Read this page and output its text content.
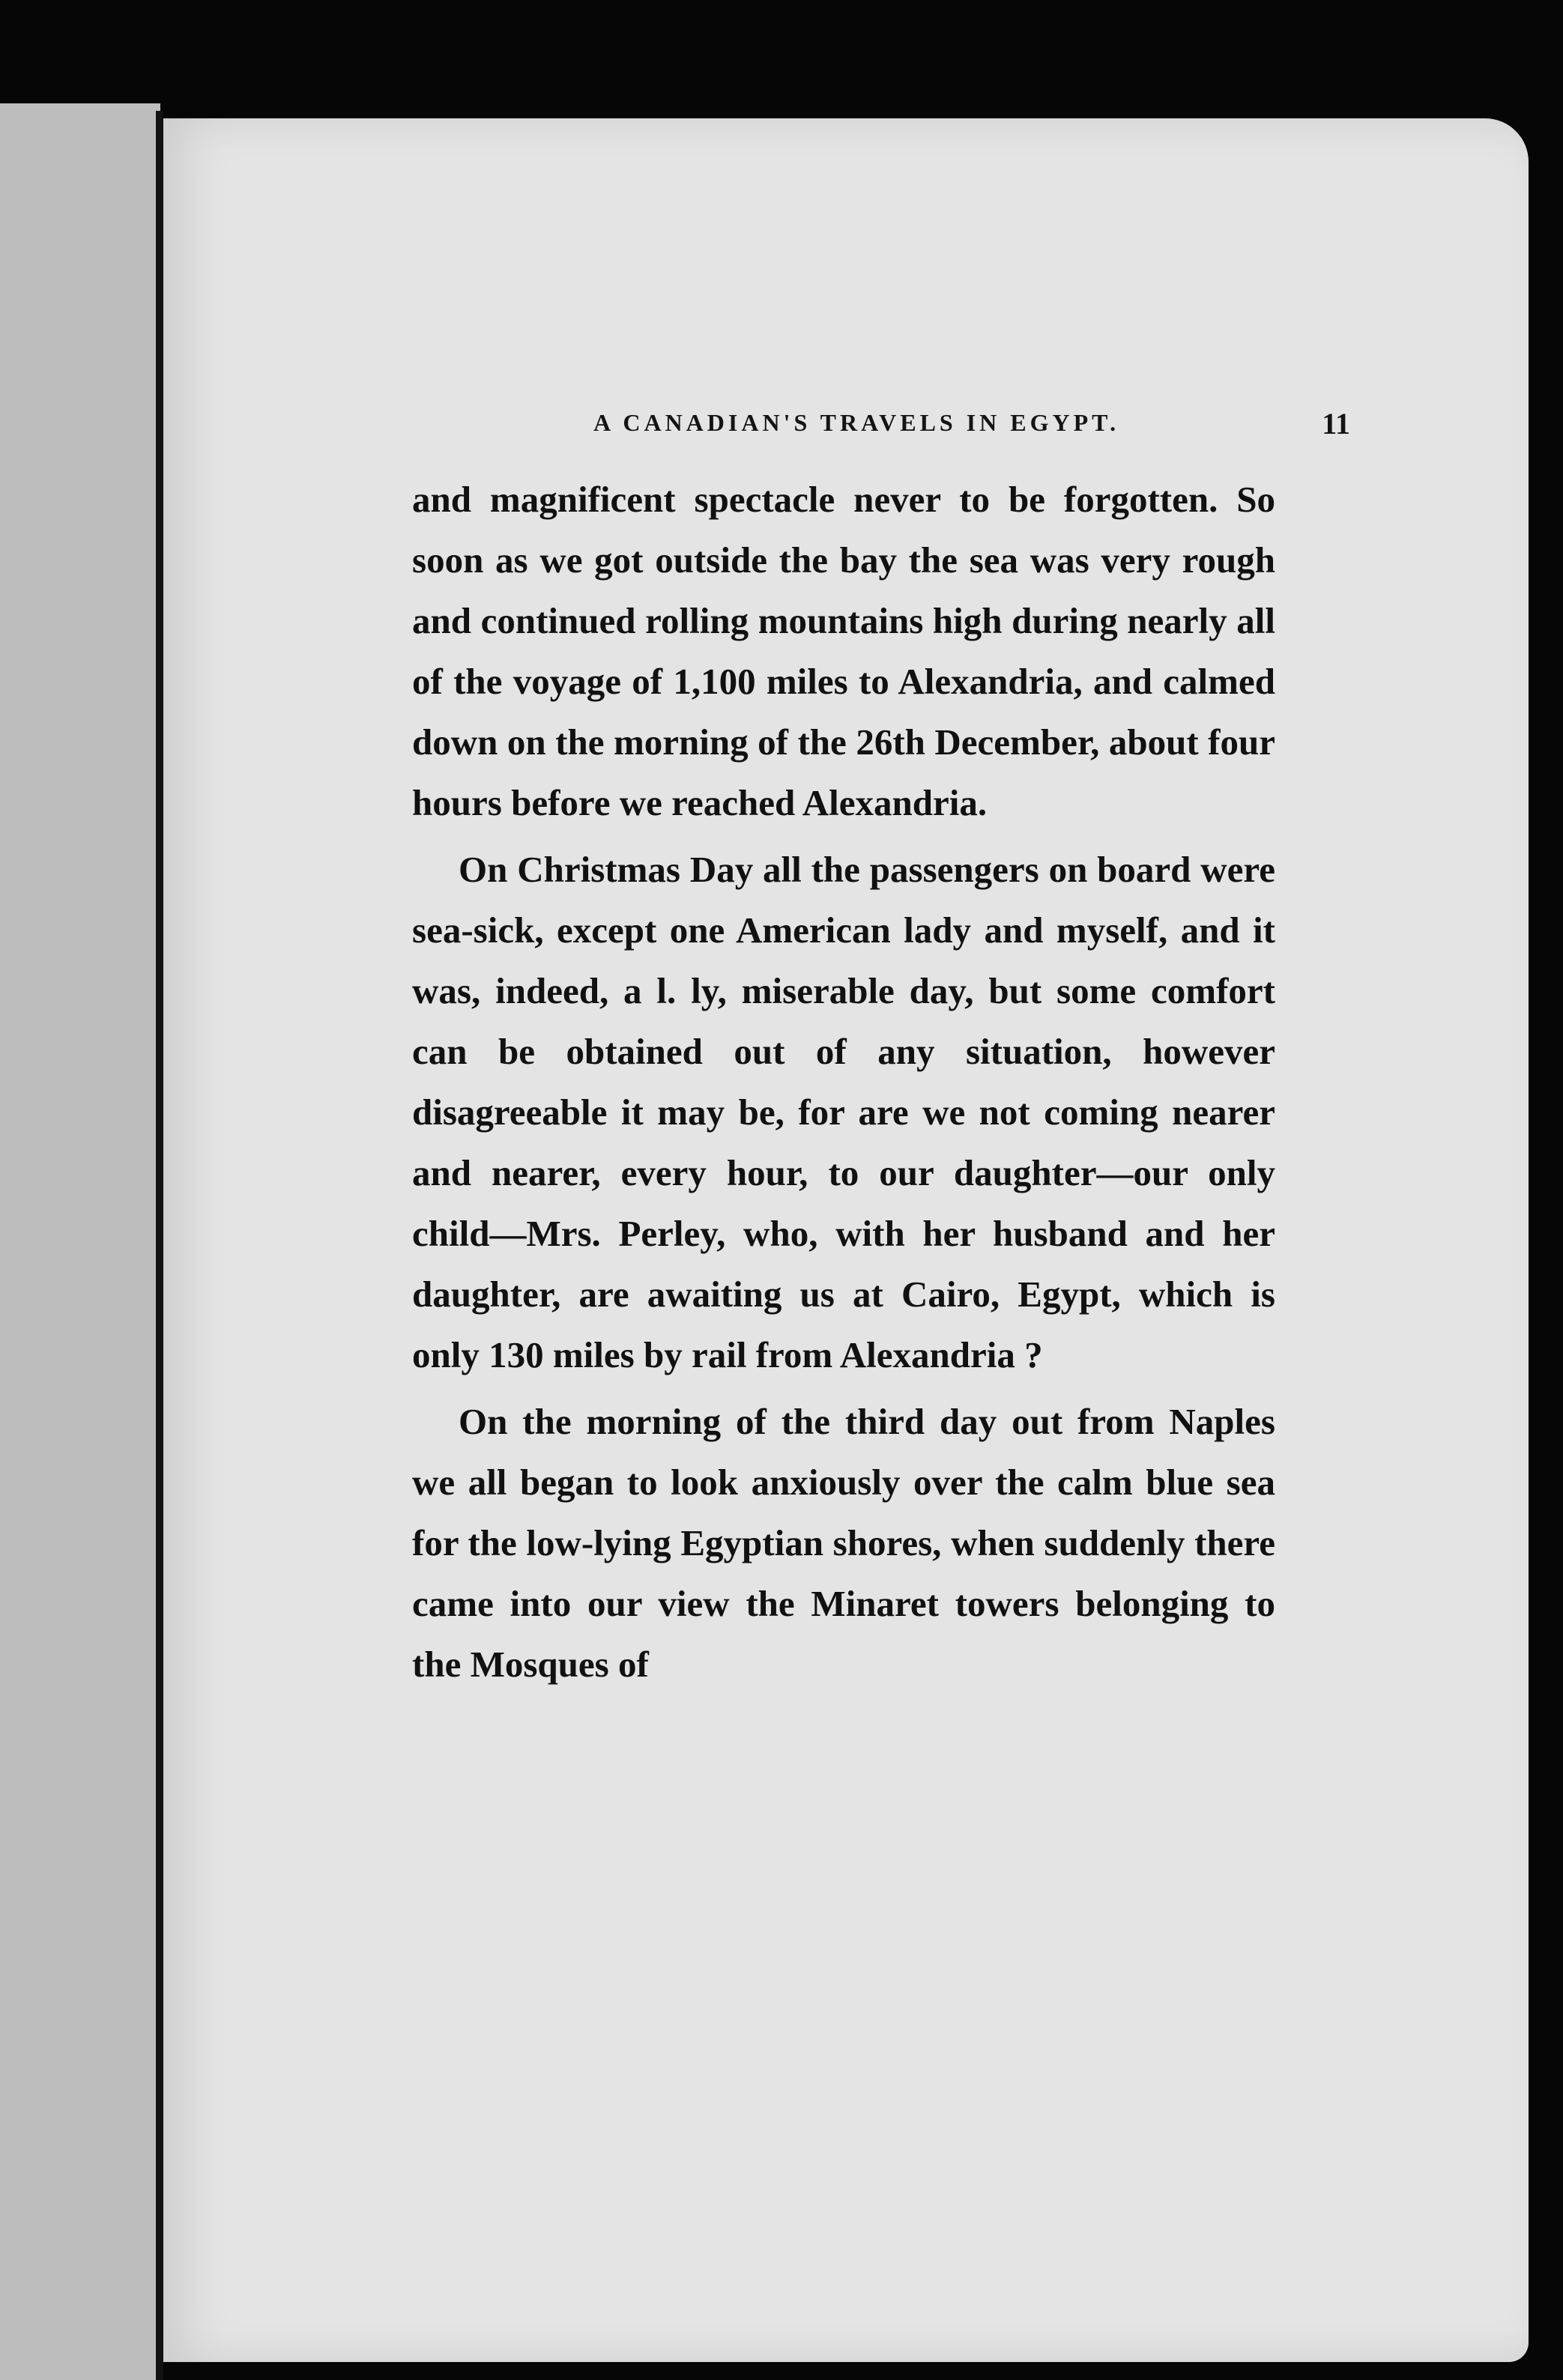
A CANADIAN'S TRAVELS IN EGYPT.	11

and magnificent spectacle never to be forgotten. So soon as we got outside the bay the sea was very rough and continued rolling mountains high during nearly all of the voyage of 1,100 miles to Alexandria, and calmed down on the morning of the 26th December, about four hours before we reached Alexandria.

On Christmas Day all the passengers on board were sea-sick, except one American lady and myself, and it was, indeed, a l. ly, miserable day, but some comfort can be obtained out of any situation, however disagreeable it may be, for are we not coming nearer and nearer, every hour, to our daughter—our only child—Mrs. Perley, who, with her husband and her daughter, are awaiting us at Cairo, Egypt, which is only 130 miles by rail from Alexandria ?

On the morning of the third day out from Naples we all began to look anxiously over the calm blue sea for the low-lying Egyptian shores, when suddenly there came into our view the Minaret towers belonging to the Mosques of
